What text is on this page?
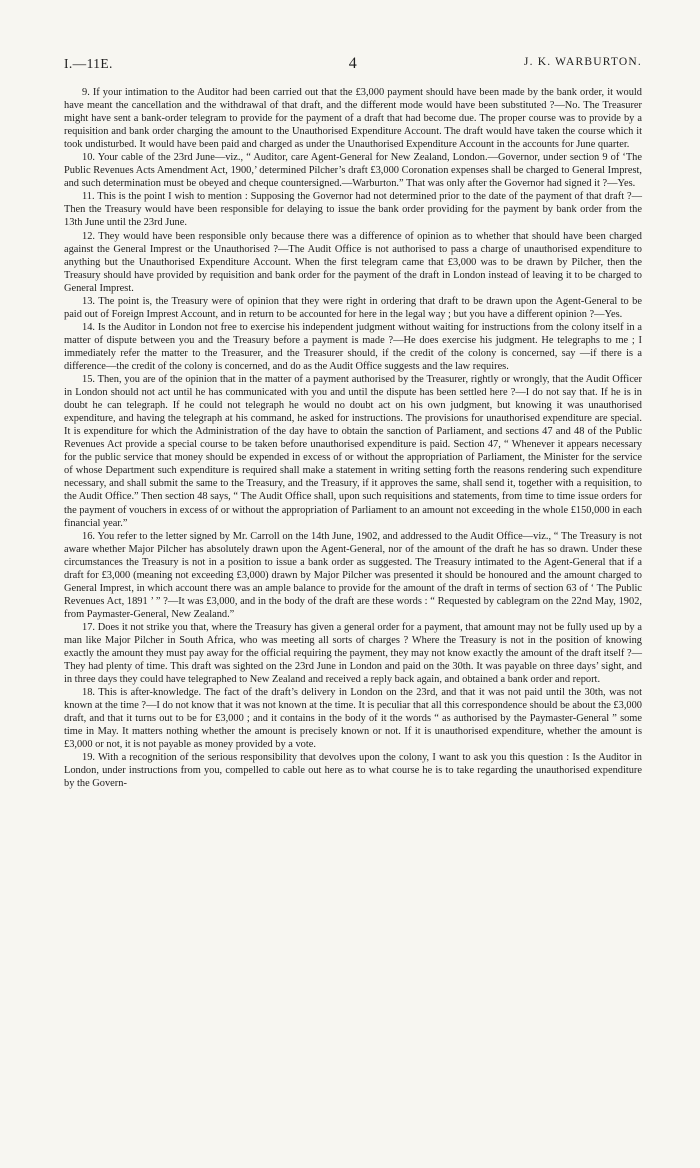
I.—11E.	4	J. K. WARBURTON.

9. If your intimation to the Auditor had been carried out that the £3,000 payment should have been made by the bank order, it would have meant the cancellation and the withdrawal of that draft, and the different mode would have been substituted ?—No. The Treasurer might have sent a bank-order telegram to provide for the payment of a draft that had become due. The proper course was to provide by a requisition and bank order charging the amount to the Unauthorised Expenditure Account. The draft would have taken the course which it took undisturbed. It would have been paid and charged as under the Unauthorised Expenditure Account in the accounts for June quarter.

10. Your cable of the 23rd June—viz., “ Auditor, care Agent-General for New Zealand, London.—Governor, under section 9 of ‘The Public Revenues Acts Amendment Act, 1900,’ determined Pilcher’s draft £3,000 Coronation expenses shall be charged to General Imprest, and such determination must be obeyed and cheque countersigned.—Warburton.” That was only after the Governor had signed it ?—Yes.

11. This is the point I wish to mention : Supposing the Governor had not determined prior to the date of the payment of that draft ?—Then the Treasury would have been responsible for delaying to issue the bank order providing for the payment by bank order from the 13th June until the 23rd June.

12. They would have been responsible only because there was a difference of opinion as to whether that should have been charged against the General Imprest or the Unauthorised ?—The Audit Office is not authorised to pass a charge of unauthorised expenditure to anything but the Unauthorised Expenditure Account. When the first telegram came that £3,000 was to be drawn by Pilcher, then the Treasury should have provided by requisition and bank order for the payment of the draft in London instead of leaving it to be charged to General Imprest.

13. The point is, the Treasury were of opinion that they were right in ordering that draft to be drawn upon the Agent-General to be paid out of Foreign Imprest Account, and in return to be accounted for here in the legal way ; but you have a different opinion ?—Yes.

14. Is the Auditor in London not free to exercise his independent judgment without waiting for instructions from the colony itself in a matter of dispute between you and the Treasury before a payment is made ?—He does exercise his judgment. He telegraphs to me ; I immediately refer the matter to the Treasurer, and the Treasurer should, if the credit of the colony is concerned, say —if there is a difference—the credit of the colony is concerned, and do as the Audit Office suggests and the law requires.

15. Then, you are of the opinion that in the matter of a payment authorised by the Treasurer, rightly or wrongly, that the Audit Officer in London should not act until he has communicated with you and until the dispute has been settled here ?—I do not say that. If he is in doubt he can telegraph. If he could not telegraph he would no doubt act on his own judgment, but knowing it was unauthorised expenditure, and having the telegraph at his command, he asked for instructions. The provisions for unauthorised expenditure are special. It is expenditure for which the Administration of the day have to obtain the sanction of Parliament, and sections 47 and 48 of the Public Revenues Act provide a special course to be taken before unauthorised expenditure is paid. Section 47, “ Whenever it appears necessary for the public service that money should be expended in excess of or without the appropriation of Parliament, the Minister for the service of whose Department such expenditure is required shall make a statement in writing setting forth the reasons rendering such expenditure necessary, and shall submit the same to the Treasury, and the Treasury, if it approves the same, shall send it, together with a requisition, to the Audit Office.” Then section 48 says, “ The Audit Office shall, upon such requisitions and statements, from time to time issue orders for the payment of vouchers in excess of or without the appropriation of Parliament to an amount not exceeding in the whole £150,000 in each financial year.”

16. You refer to the letter signed by Mr. Carroll on the 14th June, 1902, and addressed to the Audit Office—viz., “ The Treasury is not aware whether Major Pilcher has absolutely drawn upon the Agent-General, nor of the amount of the draft he has so drawn. Under these circumstances the Treasury is not in a position to issue a bank order as suggested. The Treasury intimated to the Agent-General that if a draft for £3,000 (meaning not exceeding £3,000) drawn by Major Pilcher was presented it should be honoured and the amount charged to General Imprest, in which account there was an ample balance to provide for the amount of the draft in terms of section 63 of ‘ The Public Revenues Act, 1891 ’ ” ?—It was £3,000, and in the body of the draft are these words : “ Requested by cablegram on the 22nd May, 1902, from Paymaster-General, New Zealand.”

17. Does it not strike you that, where the Treasury has given a general order for a payment, that amount may not be fully used up by a man like Major Pilcher in South Africa, who was meeting all sorts of charges ? Where the Treasury is not in the position of knowing exactly the amount they must pay away for the official requiring the payment, they may not know exactly the amount of the draft itself ?—They had plenty of time. This draft was sighted on the 23rd June in London and paid on the 30th. It was payable on three days’ sight, and in three days they could have telegraphed to New Zealand and received a reply back again, and obtained a bank order and report.

18. This is after-knowledge. The fact of the draft’s delivery in London on the 23rd, and that it was not paid until the 30th, was not known at the time ?—I do not know that it was not known at the time. It is peculiar that all this correspondence should be about the £3,000 draft, and that it turns out to be for £3,000 ; and it contains in the body of it the words “ as authorised by the Paymaster-General ” some time in May. It matters nothing whether the amount is precisely known or not. If it is unauthorised expenditure, whether the amount is £3,000 or not, it is not payable as money provided by a vote.

19. With a recognition of the serious responsibility that devolves upon the colony, I want to ask you this question : Is the Auditor in London, under instructions from you, compelled to cable out here as to what course he is to take regarding the unauthorised expenditure by the Govern-
